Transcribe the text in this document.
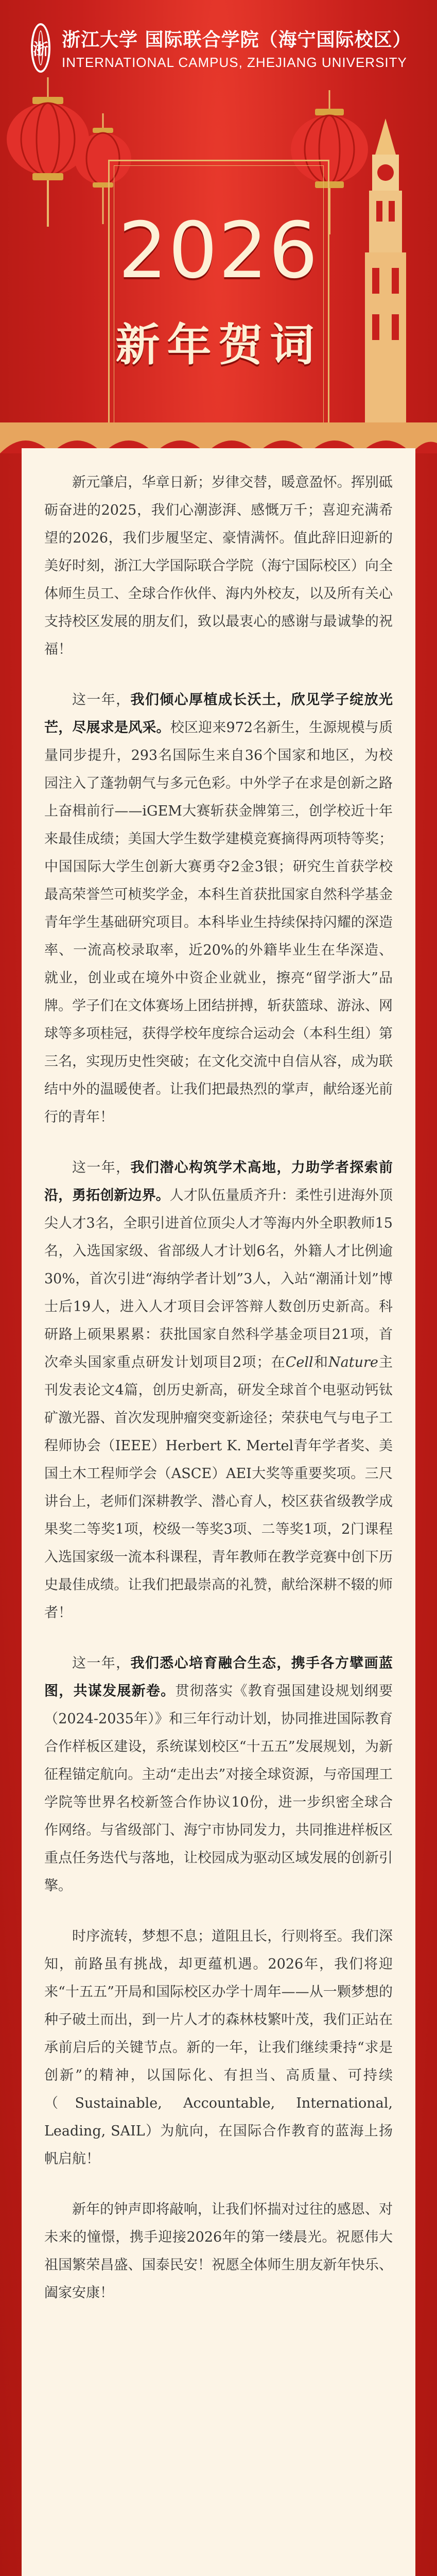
浙 浙江大学 国际联合学院（海宁国际校区）
INTERNATIONAL CAMPUS, ZHEJIANG UNIVERSITY
2026
新年贺词

新元肇启，华章日新；岁律交替，暖意盈怀。挥别砥砺奋进的2025，我们心潮澎湃、感慨万千；喜迎充满希望的2026，我们步履坚定、豪情满怀。值此辞旧迎新的美好时刻，浙江大学国际联合学院（海宁国际校区）向全体师生员工、全球合作伙伴、海内外校友，以及所有关心支持校区发展的朋友们，致以最衷心的感谢与最诚挚的祝福！

这一年，我们倾心厚植成长沃土，欣见学子绽放光芒，尽展求是风采。校区迎来972名新生，生源规模与质量同步提升，293名国际生来自36个国家和地区，为校园注入了蓬勃朝气与多元色彩。中外学子在求是创新之路上奋楫前行——iGEM大赛斩获金牌第三，创学校近十年来最佳成绩；美国大学生数学建模竞赛摘得两项特等奖；中国国际大学生创新大赛勇夺2金3银；研究生首获学校最高荣誉竺可桢奖学金，本科生首获批国家自然科学基金青年学生基础研究项目。本科毕业生持续保持闪耀的深造率、一流高校录取率，近20%的外籍毕业生在华深造、就业，创业或在境外中资企业就业，擦亮“留学浙大”品牌。学子们在文体赛场上团结拼搏，斩获篮球、游泳、网球等多项桂冠，获得学校年度综合运动会（本科生组）第三名，实现历史性突破；在文化交流中自信从容，成为联结中外的温暖使者。让我们把最热烈的掌声，献给逐光前行的青年！

这一年，我们潜心构筑学术高地，力助学者探索前沿，勇拓创新边界。人才队伍量质齐升：柔性引进海外顶尖人才3名，全职引进首位顶尖人才等海内外全职教师15名，入选国家级、省部级人才计划6名，外籍人才比例逾30%，首次引进“海纳学者计划”3人，入站“潮涌计划”博士后19人，进入人才项目会评答辩人数创历史新高。科研路上硕果累累：获批国家自然科学基金项目21项，首次牵头国家重点研发计划项目2项；在Cell和Nature主刊发表论文4篇，创历史新高，研发全球首个电驱动钙钛矿激光器、首次发现肿瘤突变新途径；荣获电气与电子工程师协会（IEEE）Herbert K. Mertel青年学者奖、美国土木工程师学会（ASCE）AEI大奖等重要奖项。三尺讲台上，老师们深耕教学、潜心育人，校区获省级教学成果奖二等奖1项，校级一等奖3项、二等奖1项，2门课程入选国家级一流本科课程，青年教师在教学竞赛中创下历史最佳成绩。让我们把最崇高的礼赞，献给深耕不辍的师者！

这一年，我们悉心培育融合生态，携手各方擘画蓝图，共谋发展新卷。贯彻落实《教育强国建设规划纲要（2024-2035年）》和三年行动计划，协同推进国际教育合作样板区建设，系统谋划校区“十五五”发展规划，为新征程锚定航向。主动“走出去”对接全球资源，与帝国理工学院等世界名校新签合作协议10份，进一步织密全球合作网络。与省级部门、海宁市协同发力，共同推进样板区重点任务迭代与落地，让校园成为驱动区域发展的创新引擎。

时序流转，梦想不息；道阻且长，行则将至。我们深知，前路虽有挑战，却更蕴机遇。2026年，我们将迎来“十五五”开局和国际校区办学十周年——从一颗梦想的种子破土而出，到一片人才的森林枝繁叶茂，我们正站在承前启后的关键节点。新的一年，让我们继续秉持“求是创新”的精神，以国际化、有担当、高质量、可持续（Sustainable, Accountable, International, Leading, SAIL）为航向，在国际合作教育的蓝海上扬帆启航！

新年的钟声即将敲响，让我们怀揣对过往的感恩、对未来的憧憬，携手迎接2026年的第一缕晨光。祝愿伟大祖国繁荣昌盛、国泰民安！祝愿全体师生朋友新年快乐、阖家安康！
